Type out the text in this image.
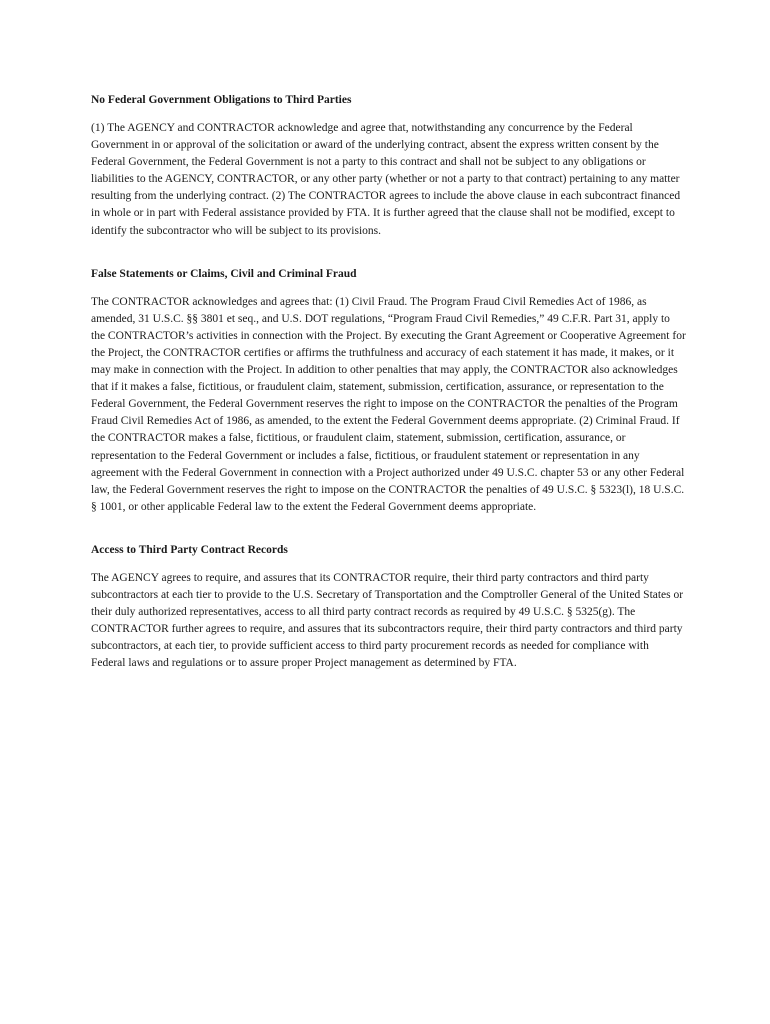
No Federal Government Obligations to Third Parties

(1) The AGENCY and CONTRACTOR acknowledge and agree that, notwithstanding any concurrence by the Federal Government in or approval of the solicitation or award of the underlying contract, absent the express written consent by the Federal Government, the Federal Government is not a party to this contract and shall not be subject to any obligations or liabilities to the AGENCY, CONTRACTOR, or any other party (whether or not a party to that contract) pertaining to any matter resulting from the underlying contract. (2) The CONTRACTOR agrees to include the above clause in each subcontract financed in whole or in part with Federal assistance provided by FTA. It is further agreed that the clause shall not be modified, except to identify the subcontractor who will be subject to its provisions.

False Statements or Claims, Civil and Criminal Fraud

The CONTRACTOR acknowledges and agrees that: (1) Civil Fraud. The Program Fraud Civil Remedies Act of 1986, as amended, 31 U.S.C. §§ 3801 et seq., and U.S. DOT regulations, “Program Fraud Civil Remedies,” 49 C.F.R. Part 31, apply to the CONTRACTOR’s activities in connection with the Project. By executing the Grant Agreement or Cooperative Agreement for the Project, the CONTRACTOR certifies or affirms the truthfulness and accuracy of each statement it has made, it makes, or it may make in connection with the Project. In addition to other penalties that may apply, the CONTRACTOR also acknowledges that if it makes a false, fictitious, or fraudulent claim, statement, submission, certification, assurance, or representation to the Federal Government, the Federal Government reserves the right to impose on the CONTRACTOR the penalties of the Program Fraud Civil Remedies Act of 1986, as amended, to the extent the Federal Government deems appropriate. (2) Criminal Fraud. If the CONTRACTOR makes a false, fictitious, or fraudulent claim, statement, submission, certification, assurance, or representation to the Federal Government or includes a false, fictitious, or fraudulent statement or representation in any agreement with the Federal Government in connection with a Project authorized under 49 U.S.C. chapter 53 or any other Federal law, the Federal Government reserves the right to impose on the CONTRACTOR the penalties of 49 U.S.C. § 5323(l), 18 U.S.C. § 1001, or other applicable Federal law to the extent the Federal Government deems appropriate.

Access to Third Party Contract Records

The AGENCY agrees to require, and assures that its CONTRACTOR require, their third party contractors and third party subcontractors at each tier to provide to the U.S. Secretary of Transportation and the Comptroller General of the United States or their duly authorized representatives, access to all third party contract records as required by 49 U.S.C. § 5325(g). The CONTRACTOR further agrees to require, and assures that its subcontractors require, their third party contractors and third party subcontractors, at each tier, to provide sufficient access to third party procurement records as needed for compliance with Federal laws and regulations or to assure proper Project management as determined by FTA.
